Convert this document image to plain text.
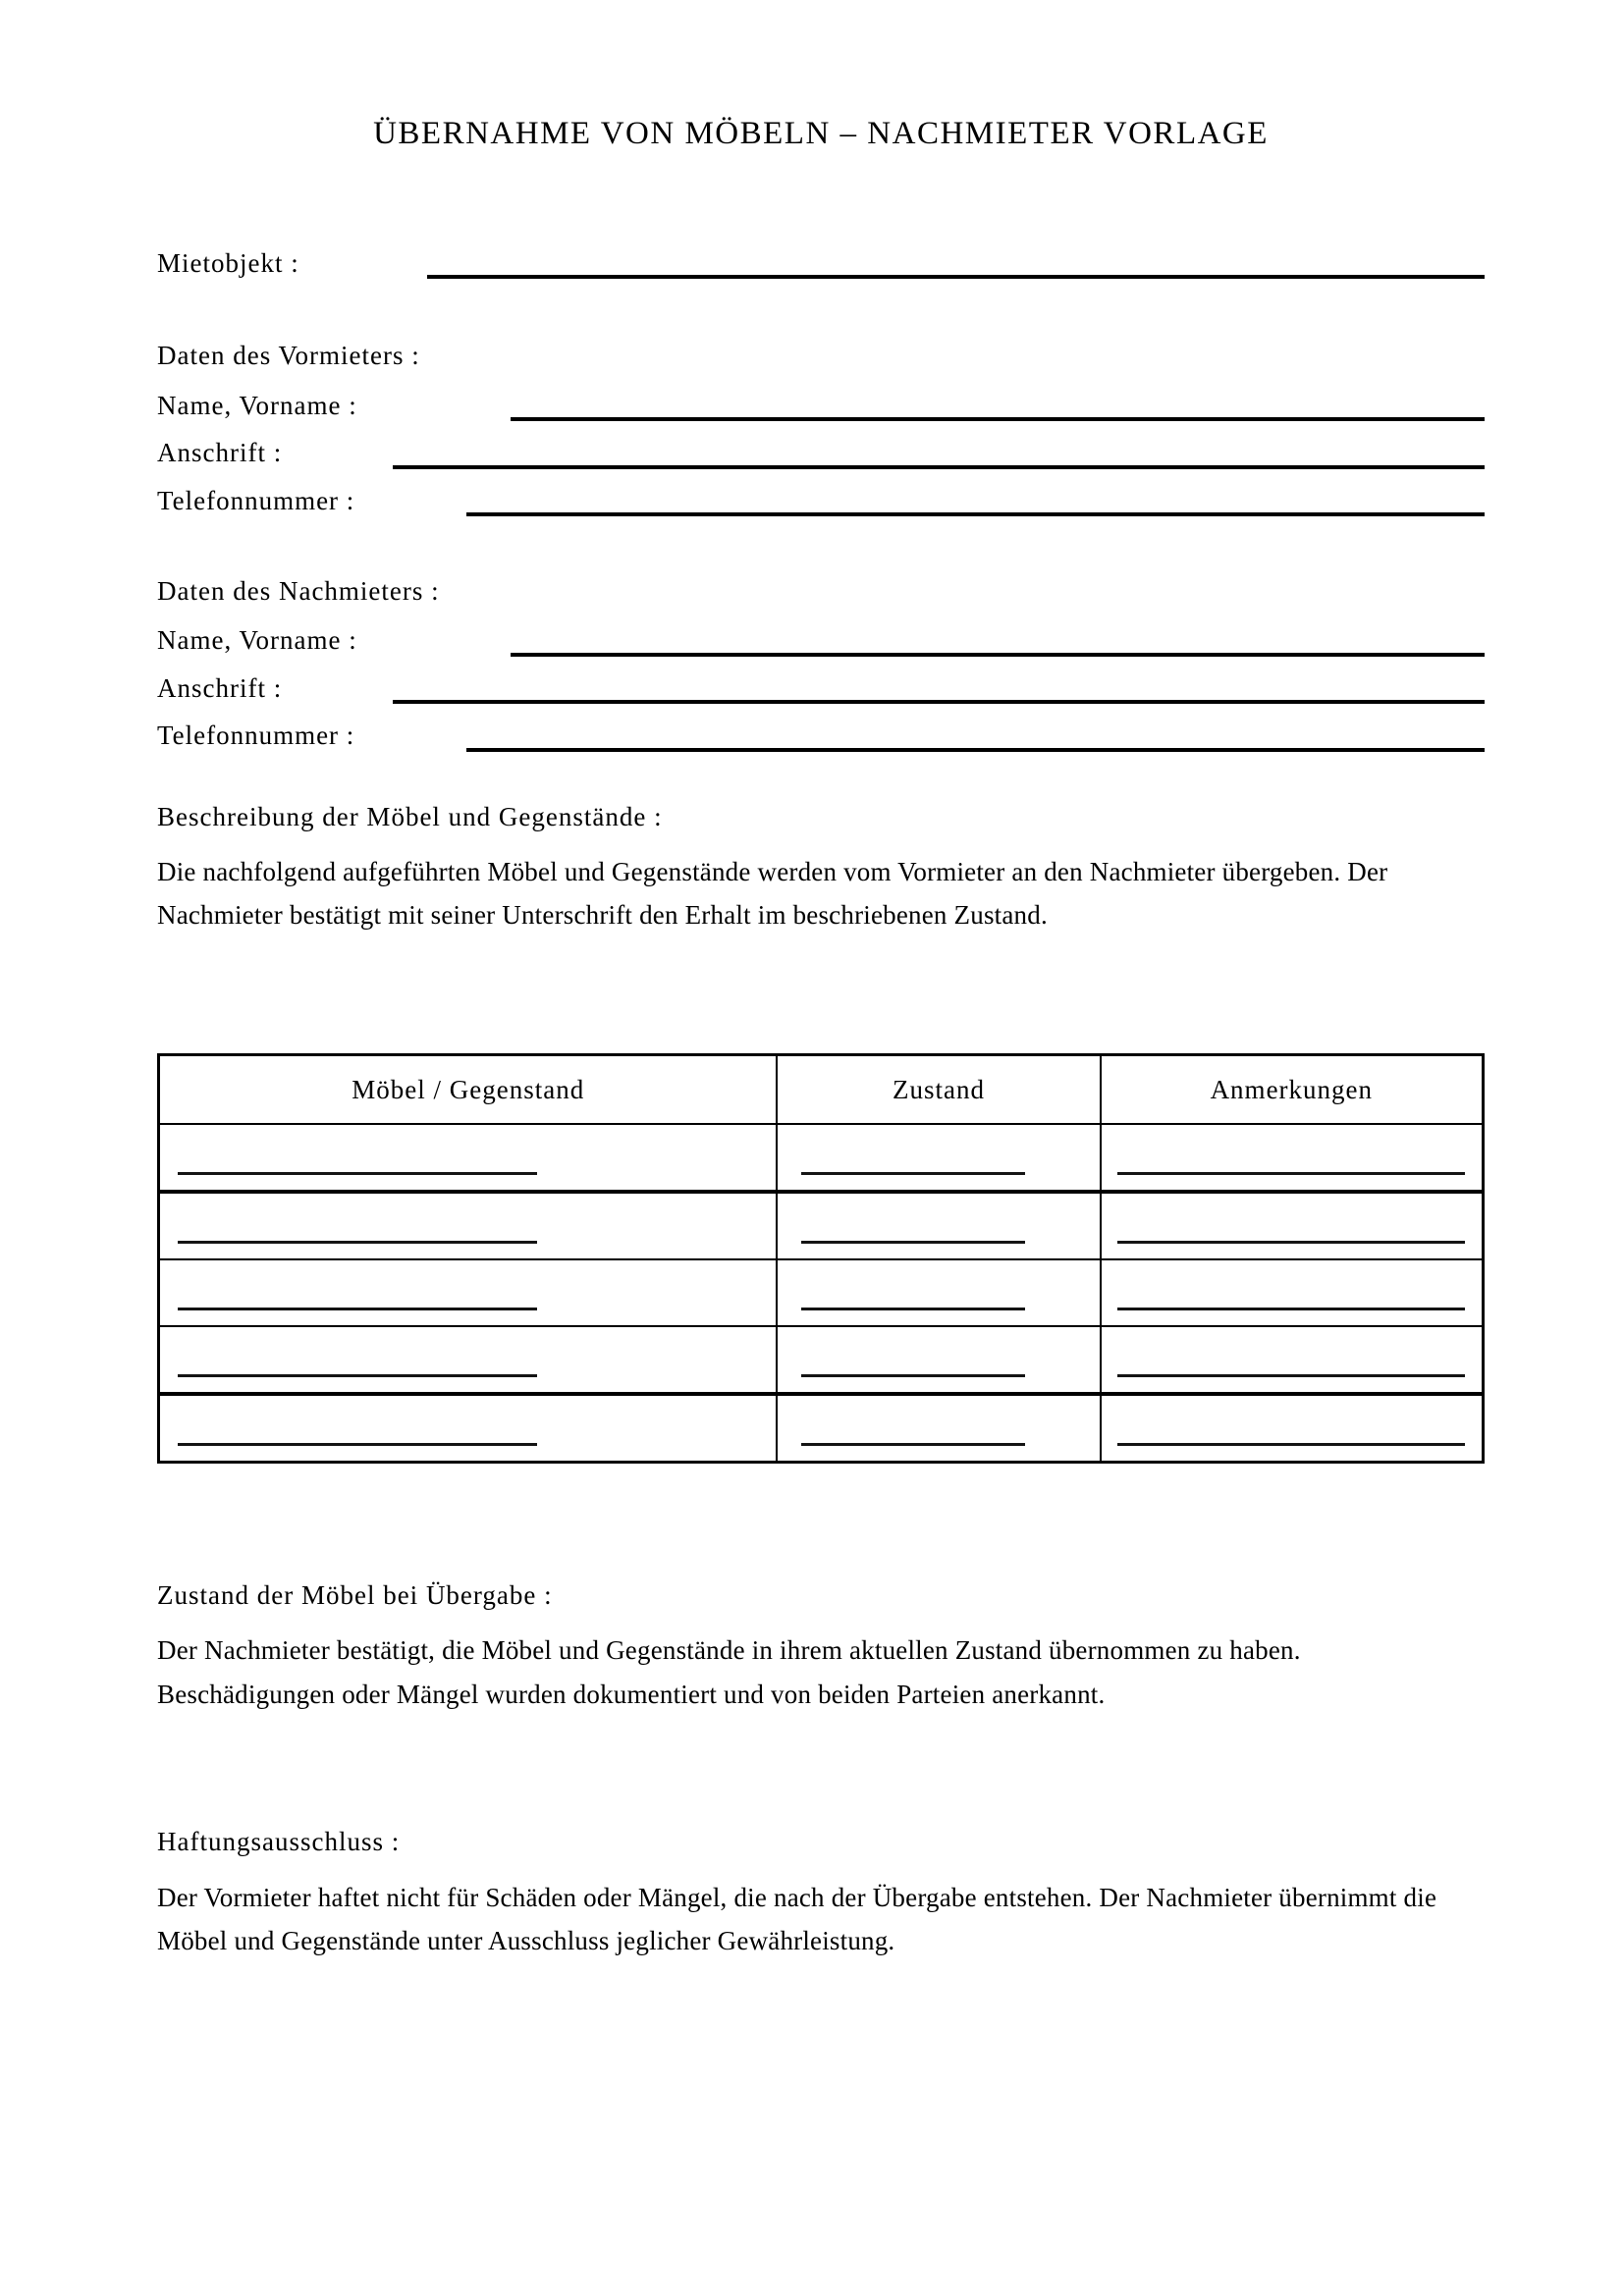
ÜBERNAHME VON MÖBELN – NACHMIETER VORLAGE
Mietobjekt :
Daten des Vormieters :
Name, Vorname :
Anschrift :
Telefonnummer :
Daten des Nachmieters :
Name, Vorname :
Anschrift :
Telefonnummer :
Beschreibung der Möbel und Gegenstände :

Die nachfolgend aufgeführten Möbel und Gegenstände werden vom Vormieter an den Nachmieter übergeben. Der Nachmieter bestätigt mit seiner Unterschrift den Erhalt im beschriebenen Zustand.

Möbel / Gegenstand	Zustand	Anmerkungen

Zustand der Möbel bei Übergabe :

Der Nachmieter bestätigt, die Möbel und Gegenstände in ihrem aktuellen Zustand übernommen zu haben. Beschädigungen oder Mängel wurden dokumentiert und von beiden Parteien anerkannt.

Haftungsausschluss :

Der Vormieter haftet nicht für Schäden oder Mängel, die nach der Übergabe entstehen. Der Nachmieter übernimmt die Möbel und Gegenstände unter Ausschluss jeglicher Gewährleistung.
